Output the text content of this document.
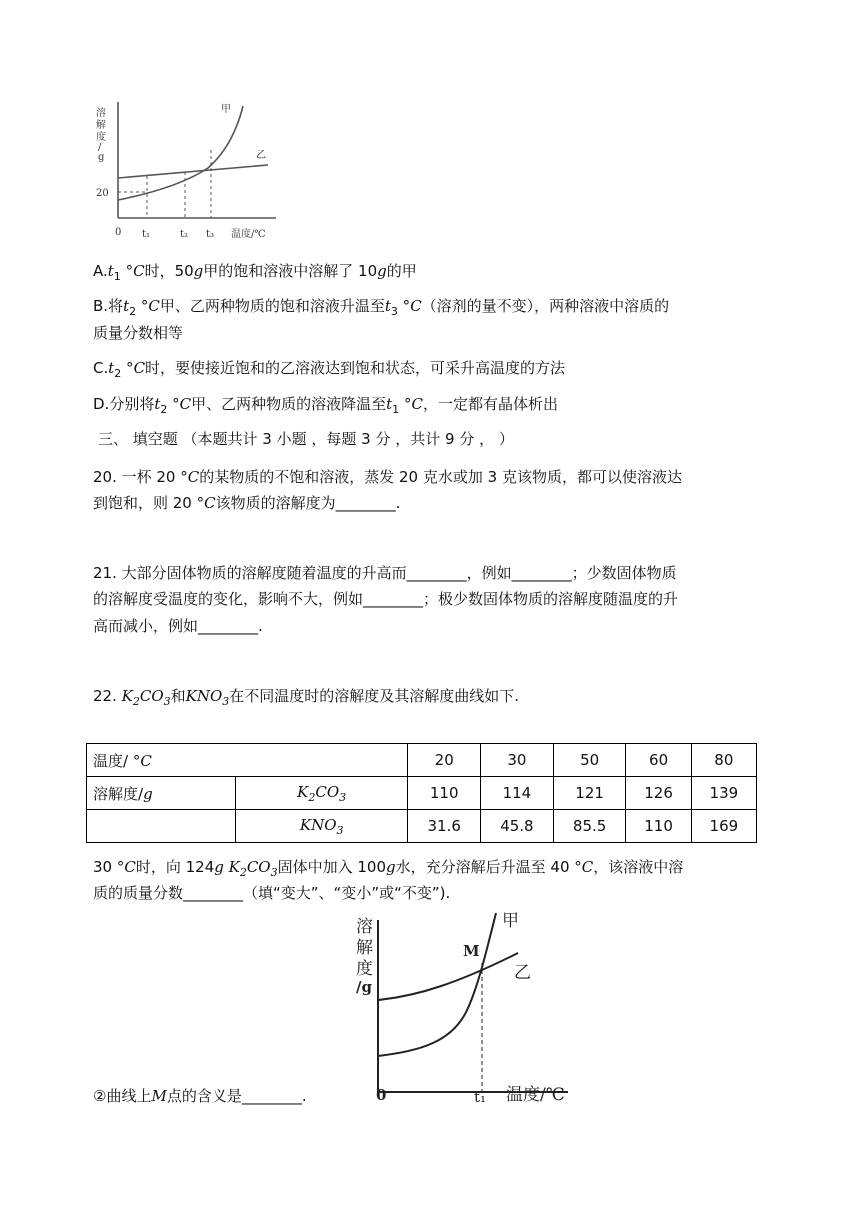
溶
解
度
/
g
20
0 t₁	t₂ t₃ 温度/℃
甲
乙
$A.t_1$ °C时，50g甲的饱和溶液中溶解了 10g的甲
B.将$t_2$ °C甲、乙两种物质的饱和溶液升温至$t_3$ °C（溶剂的量不变），两种溶液中溶质的
质量分数相等
$C.t_2$ °C时，要使接近饱和的乙溶液达到饱和状态，可采升高温度的方法
D.分别将$t_2$ °C甲、乙两种物质的溶液降温至$t_1$ °C，一定都有晶体析出
三、 填空题 （本题共计 3 小题 ，每题 3 分 ，共计 9 分 ， ）
20. 一杯 20 °C的某物质的不饱和溶液，蒸发 20 克水或加 3 克该物质，都可以使溶液达
到饱和，则 20 °C该物质的溶解度为________.
21. 大部分固体物质的溶解度随着温度的升高而________，例如________；少数固体物质
的溶解度受温度的变化，影响不大，例如________；极少数固体物质的溶解度随温度的升
高而减小，例如________.
22. $K_2CO_3$和$KNO_3$在不同温度时的溶解度及其溶解度曲线如下.
温度/ °C		20	30	50	60	80
溶解度/g	$K_2CO_3$	110	114	121	126	139
	$KNO_3$	31.6	45.8	85.5	110	169
30 °C时，向 124g $K_2CO_3$固体中加入 100g水，充分溶解后升温至 40 °C，该溶液中溶
质的质量分数________（填“变大”、“变小”或“不变”).
溶
解
度
/g
甲
乙
M
0	t₁ 温度/℃
②曲线上M点的含义是________.
